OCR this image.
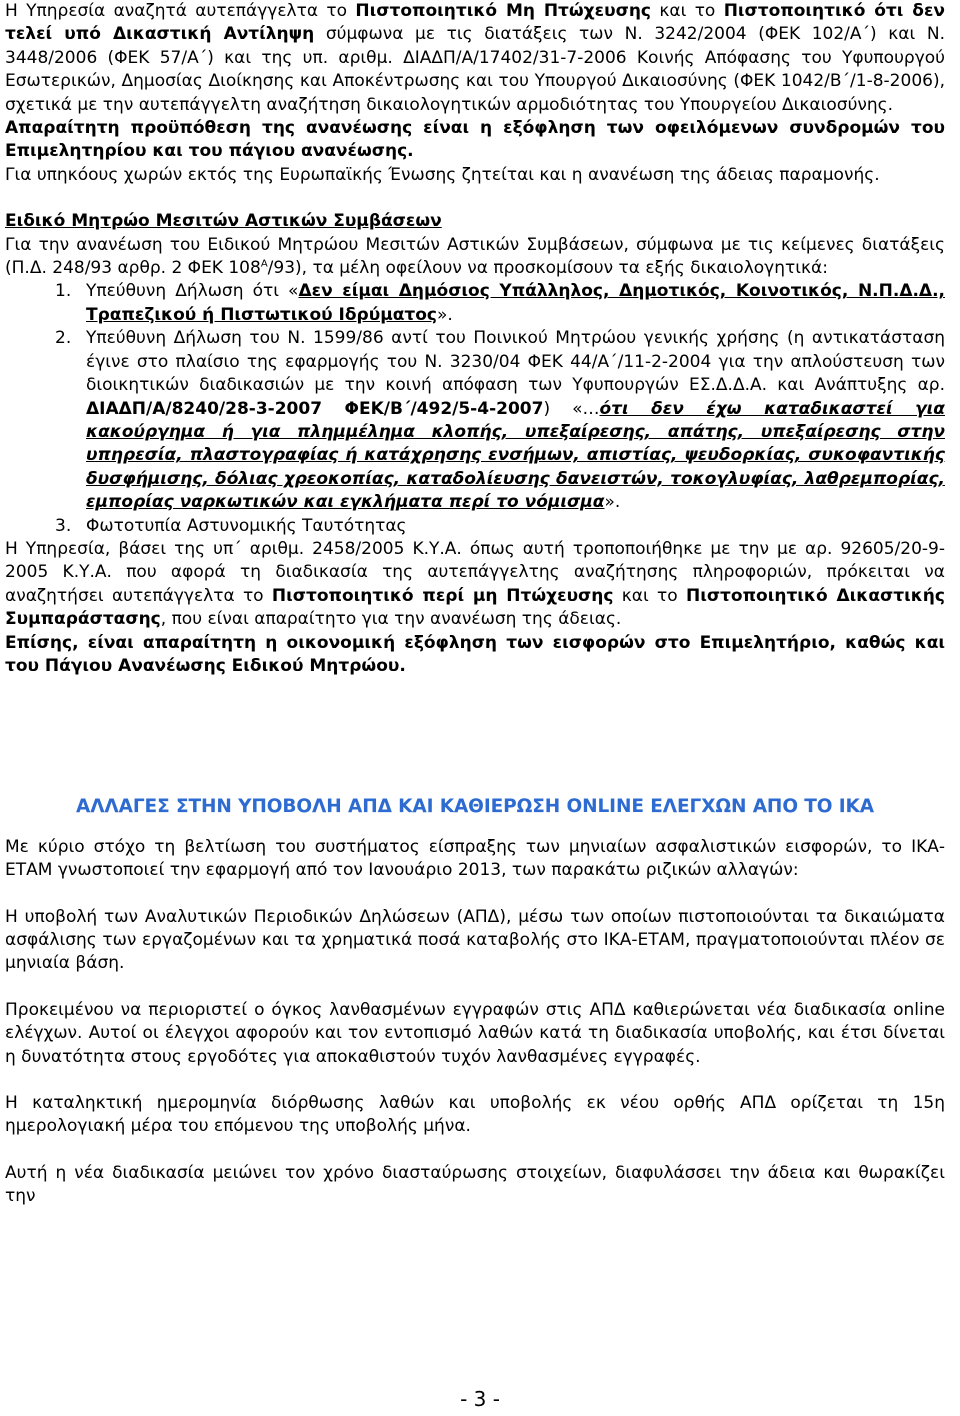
Η Υπηρεσία αναζητά αυτεπάγγελτα το Πιστοποιητικό Μη Πτώχευσης και το Πιστοποιητικό ότι δεν τελεί υπό Δικαστική Αντίληψη σύμφωνα με τις διατάξεις των Ν. 3242/2004 (ΦΕΚ 102/Α΄) και Ν. 3448/2006 (ΦΕΚ 57/Α΄) και της υπ. αριθμ. ΔΙΑΔΠ/Α/17402/31-7-2006 Κοινής Απόφασης του Υφυπουργού Εσωτερικών, Δημοσίας Διοίκησης και Αποκέντρωσης και του Υπουργού Δικαιοσύνης (ΦΕΚ 1042/Β΄/1-8-2006), σχετικά με την αυτεπάγγελτη αναζήτηση δικαιολογητικών αρμοδιότητας του Υπουργείου Δικαιοσύνης.

Απαραίτητη προϋπόθεση της ανανέωσης είναι η εξόφληση των οφειλόμενων συνδρομών του Επιμελητηρίου και του πάγιου ανανέωσης.

Για υπηκόους χωρών εκτός της Ευρωπαϊκής Ένωσης ζητείται και η ανανέωση της άδειας παραμονής.

Ειδικό Μητρώο Μεσιτών Αστικών Συμβάσεων

Για την ανανέωση του Ειδικού Μητρώου Μεσιτών Αστικών Συμβάσεων, σύμφωνα με τις κείμενες διατάξεις (Π.Δ. 248/93 αρθρ. 2 ΦΕΚ $108^A/93$), τα μέλη οφείλουν να προσκομίσουν τα εξής δικαιολογητικά:

1. Υπεύθυνη Δήλωση ότι «Δεν είμαι Δημόσιος Υπάλληλος, Δημοτικός, Κοινοτικός, Ν.Π.Δ.Δ., Τραπεζικού ή Πιστωτικού Ιδρύματος».
2. Υπεύθυνη Δήλωση του Ν. 1599/86 αντί του Ποινικού Μητρώου γενικής χρήσης (η αντικατάσταση έγινε στο πλαίσιο της εφαρμογής του Ν. 3230/04 ΦΕΚ 44/Α΄/11-2-2004 για την απλούστευση των διοικητικών διαδικασιών με την κοινή απόφαση των Υφυπουργών ΕΣ.Δ.Δ.Α. και Ανάπτυξης αρ. ΔΙΑΔΠ/Α/8240/28-3-2007 ΦΕΚ/Β΄/492/5-4-2007) «…ότι δεν έχω καταδικαστεί για κακούργημα ή για πλημμέλημα κλοπής, υπεξαίρεσης, απάτης, υπεξαίρεσης στην υπηρεσία, πλαστογραφίας ή κατάχρησης ενσήμων, απιστίας, ψευδορκίας, συκοφαντικής δυσφήμισης, δόλιας χρεοκοπίας, καταδολίευσης δανειστών, τοκογλυφίας, λαθρεμπορίας, εμπορίας ναρκωτικών και εγκλήματα περί το νόμισμα».
3. Φωτοτυπία Αστυνομικής Ταυτότητας

Η Υπηρεσία, βάσει της υπ΄ αριθμ. 2458/2005 Κ.Υ.Α. όπως αυτή τροποποιήθηκε με την με αρ. 92605/20-9-2005 Κ.Υ.Α. που αφορά τη διαδικασία της αυτεπάγγελτης αναζήτησης πληροφοριών, πρόκειται να αναζητήσει αυτεπάγγελτα το Πιστοποιητικό περί μη Πτώχευσης και το Πιστοποιητικό Δικαστικής Συμπαράστασης, που είναι απαραίτητο για την ανανέωση της άδειας.

Επίσης, είναι απαραίτητη η οικονομική εξόφληση των εισφορών στο Επιμελητήριο, καθώς και του Πάγιου Ανανέωσης Ειδικού Μητρώου.

ΑΛΛΑΓΕΣ ΣΤΗΝ ΥΠΟΒΟΛΗ ΑΠΔ ΚΑΙ ΚΑΘΙΕΡΩΣΗ ONLINE ΕΛΕΓΧΩΝ ΑΠΟ ΤΟ ΙΚΑ

Με κύριο στόχο τη βελτίωση του συστήματος είσπραξης των μηνιαίων ασφαλιστικών εισφορών, το ΙΚΑ-ΕΤΑΜ γνωστοποιεί την εφαρμογή από τον Ιανουάριο 2013, των παρακάτω ριζικών αλλαγών:

Η υποβολή των Αναλυτικών Περιοδικών Δηλώσεων (ΑΠΔ), μέσω των οποίων πιστοποιούνται τα δικαιώματα ασφάλισης των εργαζομένων και τα χρηματικά ποσά καταβολής στο ΙΚΑ-ΕΤΑΜ, πραγματοποιούνται πλέον σε μηνιαία βάση.

Προκειμένου να περιοριστεί ο όγκος λανθασμένων εγγραφών στις ΑΠΔ καθιερώνεται νέα διαδικασία online ελέγχων. Αυτοί οι έλεγχοι αφορούν και τον εντοπισμό λαθών κατά τη διαδικασία υποβολής, και έτσι δίνεται η δυνατότητα στους εργοδότες για αποκαθιστούν τυχόν λανθασμένες εγγραφές.

Η καταληκτική ημερομηνία διόρθωσης λαθών και υποβολής εκ νέου ορθής ΑΠΔ ορίζεται τη 15η ημερολογιακή μέρα του επόμενου της υποβολής μήνα.

Αυτή η νέα διαδικασία μειώνει τον χρόνο διασταύρωσης στοιχείων, διαφυλάσσει την άδεια και θωρακίζει την

- 3 -
